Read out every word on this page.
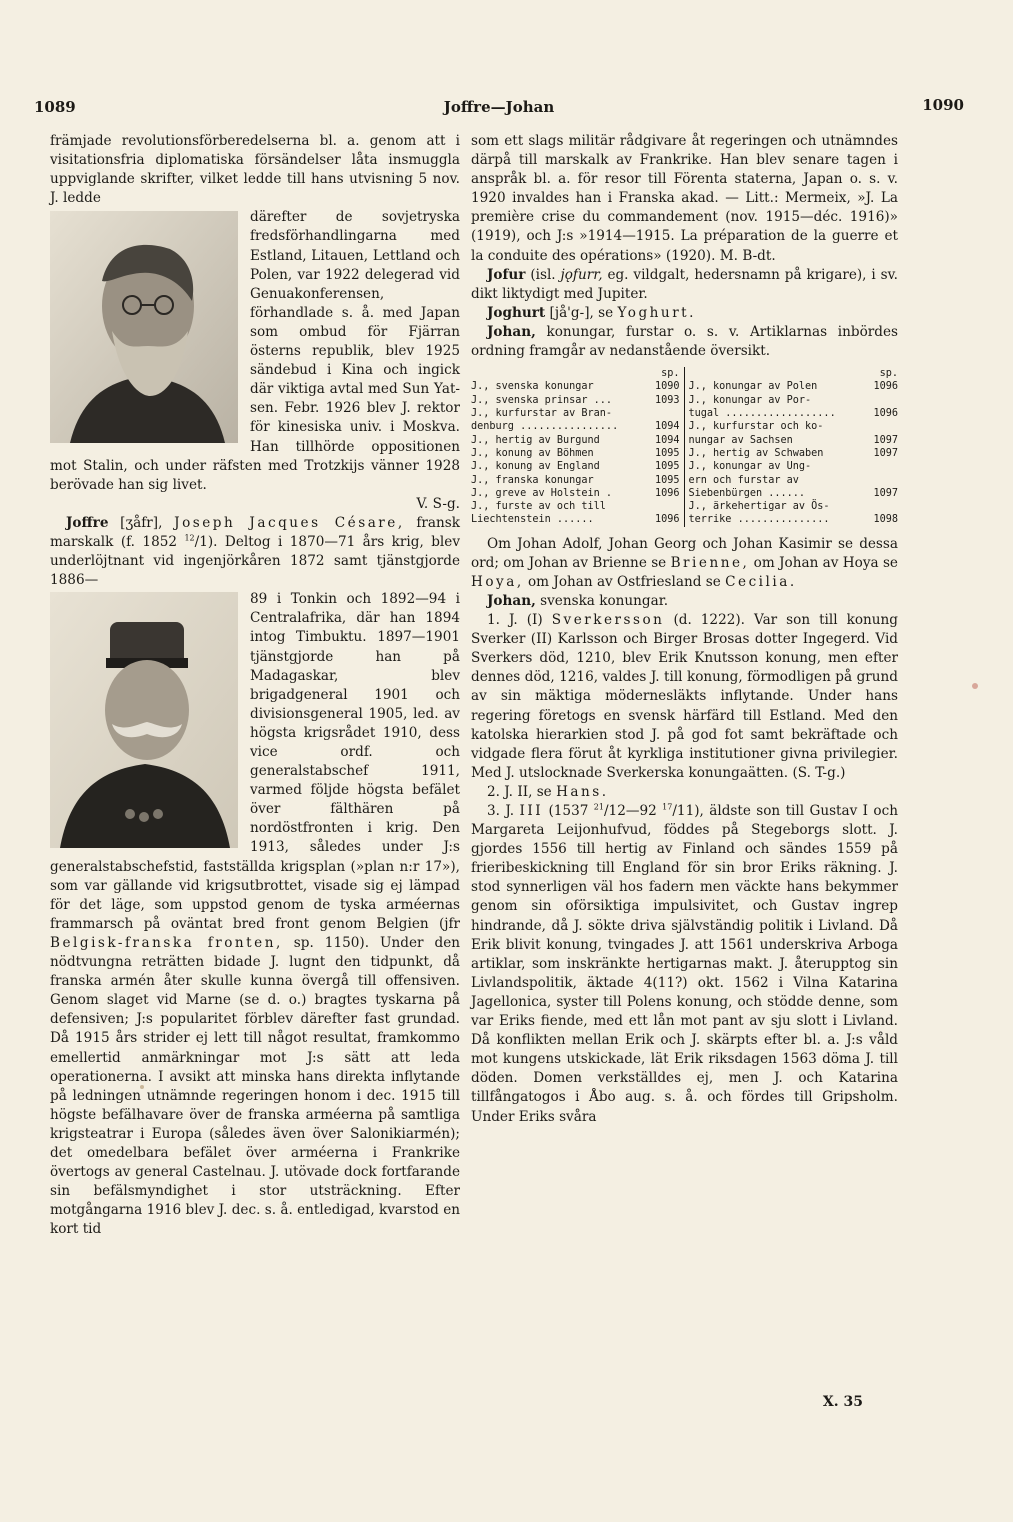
1089	Joffre—Johan	1090

främjade revolutionsförberedelserna bl. a. genom att i visitationsfria diplomatiska försändelser låta insmuggla uppviglande skrifter, vilket ledde till hans utvisning 5 nov. J. ledde

därefter de sovjetryska fredsförhandlingarna med Estland, Litauen, Lettland och Polen, var 1922 delegerad vid Genuakonferensen, förhandlade s. å. med Japan som ombud för Fjärran österns republik, blev 1925 sändebud i Kina och ingick där viktiga avtal med Sun Yat-sen. Febr. 1926 blev J. rektor för kinesiska univ. i Moskva. Han tillhörde oppositionen mot Stalin, och under räfsten med Trotzkijs vänner 1928 berövade han sig livet.

V. S-g.

Joffre [ʒåfr], Joseph Jacques Césare, fransk marskalk (f. 1852 $^{12}$/1). Deltog i 1870—71 års krig, blev underlöjtnant vid ingenjörkåren 1872 samt tjänstgjorde 1886—

89 i Tonkin och 1892—94 i Centralafrika, där han 1894 intog Timbuktu. 1897—1901 tjänstgjorde han på Madagaskar, blev brigadgeneral 1901 och divisionsgeneral 1905, led. av högsta krigsrådet 1910, dess vice ordf. och generalstabschef 1911, varmed följde högsta befälet över fälthären på nordöstfronten i krig. Den 1913, således under J:s generalstabschefstid, fastställda krigsplan (»plan n:r 17»), som var gällande vid krigsutbrottet, visade sig ej lämpad för det läge, som uppstod genom de tyska arméernas frammarsch på oväntat bred front genom Belgien (jfr Belgisk-franska fronten, sp. 1150). Under den nödtvungna reträtten bidade J. lugnt den tidpunkt, då franska armén åter skulle kunna övergå till offensiven. Genom slaget vid Marne (se d. o.) bragtes tyskarna på defensiven; J:s popularitet förblev därefter fast grundad. Då 1915 års strider ej lett till något resultat, framkommo emellertid anmärkningar mot J:s sätt att leda operationerna. I avsikt att minska hans direkta inflytande på ledningen utnämnde regeringen honom i dec. 1915 till högste befälhavare över de franska arméerna på samtliga krigsteatrar i Europa (således även över Salonikiarmén); det omedelbara befälet över arméerna i Frankrike övertogs av general Castelnau. J. utövade dock fortfarande sin befälsmyndighet i stor utsträckning. Efter motgångarna 1916 blev J. dec. s. å. entledigad, kvarstod en kort tid

som ett slags militär rådgivare åt regeringen och utnämndes därpå till marskalk av Frankrike. Han blev senare tagen i anspråk bl. a. för resor till Förenta staterna, Japan o. s. v. 1920 invaldes han i Franska akad. — Litt.: Mermeix, »J. La première crise du commandement (nov. 1915—déc. 1916)» (1919), och J:s »1914—1915. La préparation de la guerre et la conduite des opérations» (1920). M. B-dt.

Jofur (isl. jǫfurr, eg. vildgalt, hedersnamn på krigare), i sv. dikt liktydigt med Jupiter.

Joghurt [jå'g-], se Yoghurt.

Johan, konungar, furstar o. s. v. Artiklarnas inbördes ordning framgår av nedanstående översikt.

sp.
J., svenska konungar	1090
J., svenska prinsar ...	1093
J., kurfurstar av Bran-
denburg ................	1094
J., hertig av Burgund	1094
J., konung av Böhmen	1095
J., konung av England	1095
J., franska konungar	1095
J., greve av Holstein .	1096
J., furste av och till
Liechtenstein ......	1096
sp.
J., konungar av Polen	1096
J., konungar av Por-
tugal ..................	1096
J., kurfurstar och ko-
nungar av Sachsen	1097
J., hertig av Schwaben	1097
J., konungar av Ung-
ern och furstar av
Siebenbürgen ......	1097
J., ärkehertigar av Ös-
terrike ...............	1098

Om Johan Adolf, Johan Georg och Johan Kasimir se dessa ord; om Johan av Brienne se Brienne, om Johan av Hoya se Hoya, om Johan av Ostfriesland se Cecilia.

Johan, svenska konungar.

1. J. (I) Sverkersson (d. 1222). Var son till konung Sverker (II) Karlsson och Birger Brosas dotter Ingegerd. Vid Sverkers död, 1210, blev Erik Knutsson konung, men efter dennes död, 1216, valdes J. till konung, förmodligen på grund av sin mäktiga mödernesläkts inflytande. Under hans regering företogs en svensk härfärd till Estland. Med den katolska hierarkien stod J. på god fot samt bekräftade och vidgade flera förut åt kyrkliga institutioner givna privilegier. Med J. utslocknade Sverkerska konungaätten. (S. T-g.)

2. J. II, se Hans.

3. J. III (1537 $^{21}$/12—92 $^{17}$/11), äldste son till Gustav I och Margareta Leijonhufvud, föddes på Stegeborgs slott. J. gjordes 1556 till hertig av Finland och sändes 1559 på frieribeskickning till England för sin bror Eriks räkning. J. stod synnerligen väl hos fadern men väckte hans bekymmer genom sin oförsiktiga impulsivitet, och Gustav ingrep hindrande, då J. sökte driva självständig politik i Livland. Då Erik blivit konung, tvingades J. att 1561 underskriva Arboga artiklar, som inskränkte hertigarnas makt. J. återupptog sin Livlandspolitik, äktade 4(11?) okt. 1562 i Vilna Katarina Jagellonica, syster till Polens konung, och stödde denne, som var Eriks fiende, med ett lån mot pant av sju slott i Livland. Då konflikten mellan Erik och J. skärpts efter bl. a. J:s våld mot kungens utskickade, lät Erik riksdagen 1563 döma J. till döden. Domen verkställdes ej, men J. och Katarina tillfångatogos i Åbo aug. s. å. och fördes till Gripsholm. Under Eriks svåra

X. 35
